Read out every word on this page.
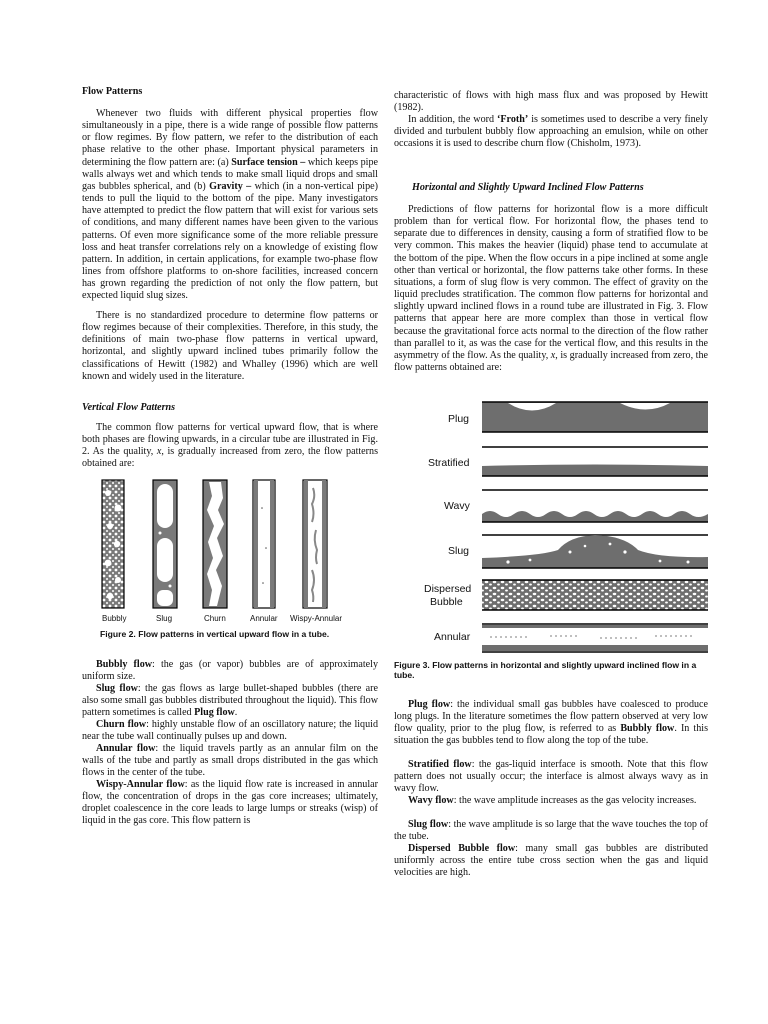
Flow Patterns

Whenever two fluids with different physical properties flow simultaneously in a pipe, there is a wide range of possible flow patterns or flow regimes. By flow pattern, we refer to the distribution of each phase relative to the other phase. Important physical parameters in determining the flow pattern are: (a) Surface tension – which keeps pipe walls always wet and which tends to make small liquid drops and small gas bubbles spherical, and (b) Gravity – which (in a non-vertical pipe) tends to pull the liquid to the bottom of the pipe. Many investigators have attempted to predict the flow pattern that will exist for various sets of conditions, and many different names have been given to the various patterns. Of even more significance some of the more reliable pressure loss and heat transfer correlations rely on a knowledge of existing flow pattern. In addition, in certain applications, for example two-phase flow lines from offshore platforms to on-shore facilities, increased concern has grown regarding the prediction of not only the flow pattern, but expected liquid slug sizes.

There is no standardized procedure to determine flow patterns or flow regimes because of their complexities. Therefore, in this study, the definitions of main two-phase flow patterns in vertical upward, horizontal, and slightly upward inclined tubes primarily follow the classifications of Hewitt (1982) and Whalley (1996) which are well known and widely used in the literature.

Vertical Flow Patterns

The common flow patterns for vertical upward flow, that is where both phases are flowing upwards, in a circular tube are illustrated in Fig. 2. As the quality, x, is gradually increased from zero, the flow patterns obtained are:

Bubbly flow: the gas (or vapor) bubbles are of approximately uniform size.

Slug flow: the gas flows as large bullet-shaped bubbles (there are also some small gas bubbles distributed throughout the liquid). This flow pattern sometimes is called Plug flow.

Churn flow: highly unstable flow of an oscillatory nature; the liquid near the tube wall continually pulses up and down.

Annular flow: the liquid travels partly as an annular film on the walls of the tube and partly as small drops distributed in the gas which flows in the center of the tube.

Wispy-Annular flow: as the liquid flow rate is increased in annular flow, the concentration of drops in the gas core increases; ultimately, droplet coalescence in the core leads to large lumps or streaks (wisp) of liquid in the gas core. This flow pattern is

Bubbly	Slug	Churn	Annular Wispy-Annular
Figure 2. Flow patterns in vertical upward flow in a tube.

characteristic of flows with high mass flux and was proposed by Hewitt (1982).

In addition, the word ‘Froth’ is sometimes used to describe a very finely divided and turbulent bubbly flow approaching an emulsion, while on other occasions it is used to describe churn flow (Chisholm, 1973).

Horizontal and Slightly Upward Inclined Flow Patterns

Predictions of flow patterns for horizontal flow is a more difficult problem than for vertical flow. For horizontal flow, the phases tend to separate due to differences in density, causing a form of stratified flow to be very common. This makes the heavier (liquid) phase tend to accumulate at the bottom of the pipe. When the flow occurs in a pipe inclined at some angle other than vertical or horizontal, the flow patterns take other forms. In these situations, a form of slug flow is very common. The effect of gravity on the liquid precludes stratification. The common flow patterns for horizontal and slightly upward inclined flows in a round tube are illustrated in Fig. 3. Flow patterns that appear here are more complex than those in vertical flow because the gravitational force acts normal to the direction of the flow rather than parallel to it, as was the case for the vertical flow, and this results in the asymmetry of the flow. As the quality, x, is gradually increased from zero, the flow patterns obtained are:

Plug flow: the individual small gas bubbles have coalesced to produce long plugs. In the literature sometimes the flow pattern observed at very low flow quality, prior to the plug flow, is referred to as Bubbly flow. In this situation the gas bubbles tend to flow along the top of the tube.

Stratified flow: the gas-liquid interface is smooth. Note that this flow pattern does not usually occur; the interface is almost always wavy as in wavy flow.

Wavy flow: the wave amplitude increases as the gas velocity increases.

Slug flow: the wave amplitude is so large that the wave touches the top of the tube.

Dispersed Bubble flow: many small gas bubbles are distributed uniformly across the entire tube cross section when the gas and liquid velocities are high.

Plug
Stratified
Wavy
Slug
Dispersed
Bubble
Annular
Figure 3. Flow patterns in horizontal and slightly upward inclined flow in a tube.
